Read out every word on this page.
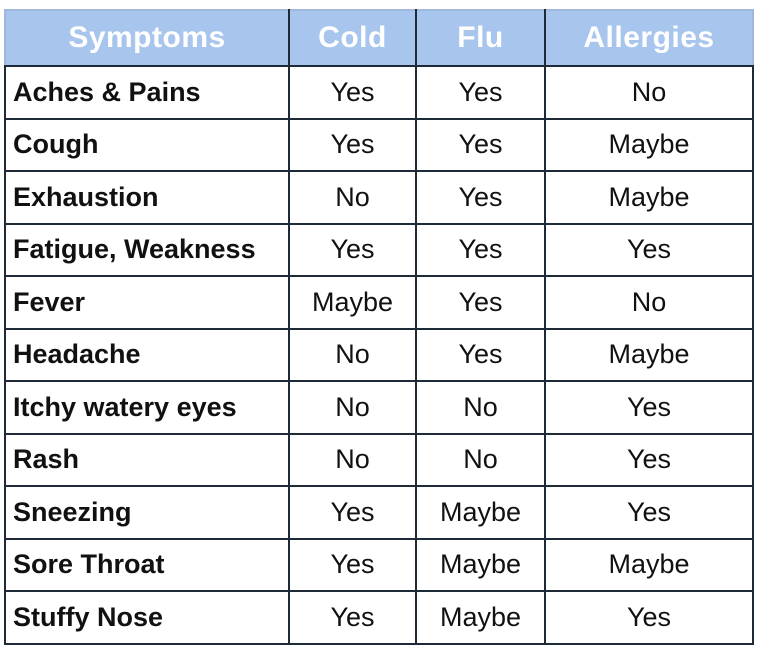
Symptoms	Cold	Flu	Allergies
Aches & Pains	Yes	Yes	No
Cough	Yes	Yes	Maybe
Exhaustion	No	Yes	Maybe
Fatigue, Weakness	Yes	Yes	Yes
Fever	Maybe	Yes	No
Headache	No	Yes	Maybe
Itchy watery eyes	No	No	Yes
Rash	No	No	Yes
Sneezing	Yes	Maybe	Yes
Sore Throat	Yes	Maybe	Maybe
Stuffy Nose	Yes	Maybe	Yes
